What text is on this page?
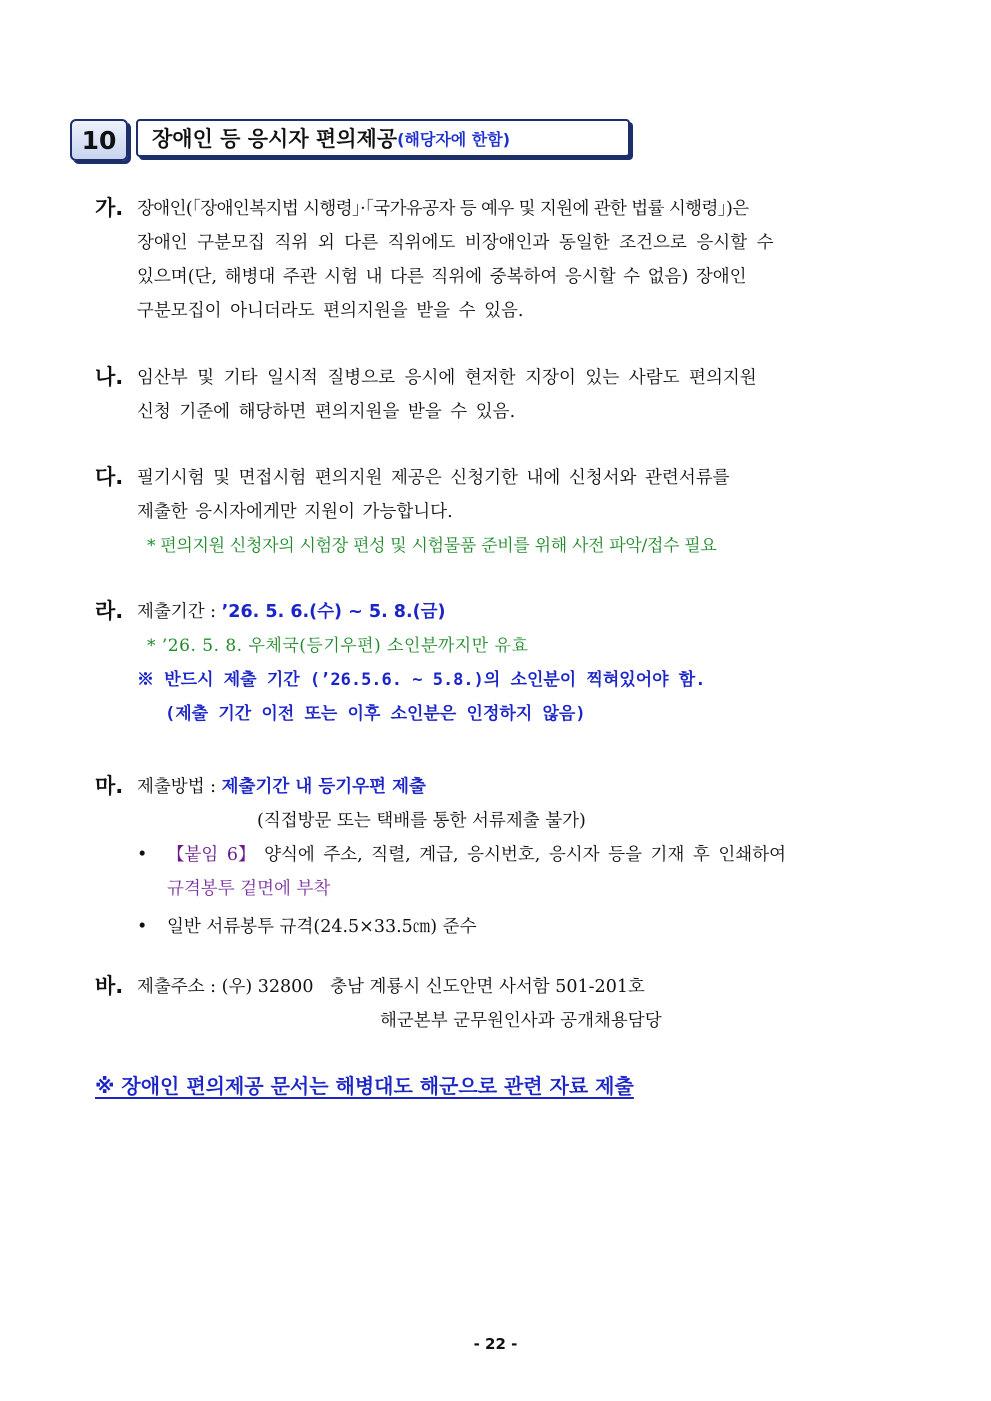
10	장애인 등 응시자 편의제공 (해당자에 한함)
가. 장애인(「장애인복지법 시행령」·「국가유공자 등 예우 및 지원에 관한 법률 시행령」)은
장애인 구분모집 직위 외 다른 직위에도 비장애인과 동일한 조건으로 응시할 수
있으며(단, 해병대 주관 시험 내 다른 직위에 중복하여 응시할 수 없음) 장애인
구분모집이 아니더라도 편의지원을 받을 수 있음.
나. 임산부 및 기타 일시적 질병으로 응시에 현저한 지장이 있는 사람도 편의지원
신청 기준에 해당하면 편의지원을 받을 수 있음.
다. 필기시험 및 면접시험 편의지원 제공은 신청기한 내에 신청서와 관련서류를
제출한 응시자에게만 지원이 가능합니다.
* 편의지원 신청자의 시험장 편성 및 시험물품 준비를 위해 사전 파악/접수 필요
라. 제출기간 : ’26. 5. 6.(수) ~ 5. 8.(금)
* ’26. 5. 8. 우체국(등기우편) 소인분까지만 유효
※ 반드시 제출 기간 (’26.5.6. ~ 5.8.)의 소인분이 찍혀있어야 함.
(제출 기간 이전 또는 이후 소인분은 인정하지 않음)
마. 제출방법 : 제출기간 내 등기우편 제출
(직접방문 또는 택배를 통한 서류제출 불가)
•	【붙임 6】 양식에 주소, 직렬, 계급, 응시번호, 응시자 등을 기재 후 인쇄하여
규격봉투 겉면에 부착
•	일반 서류봉투 규격(24.5×33.5㎝) 준수
바. 제출주소 : (우) 32800   충남 계룡시 신도안면 사서함 501-201호
해군본부 군무원인사과 공개채용담당
※ 장애인 편의제공 문서는 해병대도 해군으로 관련 자료 제출
- 22 -
